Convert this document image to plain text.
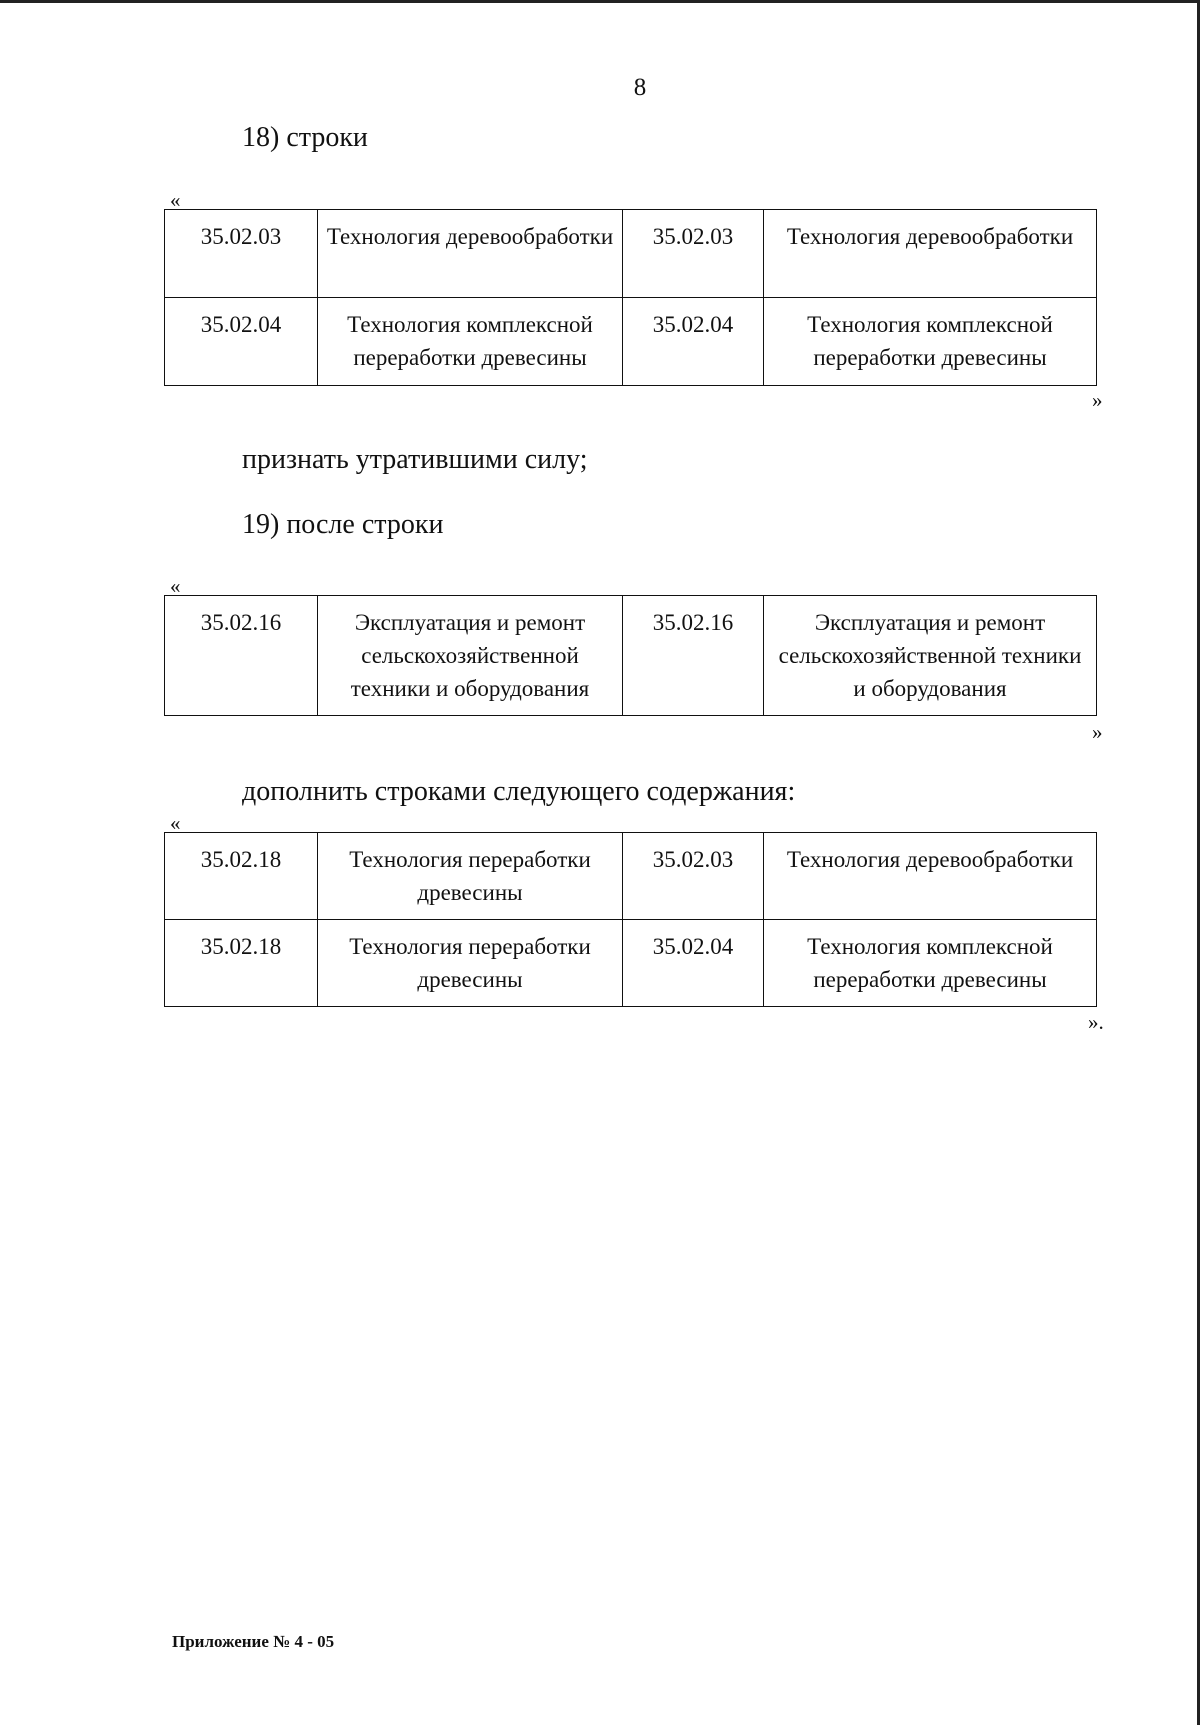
8
18) строки
«
35.02.03	Технология деревообработки	35.02.03	Технология деревообработки
35.02.04	Технология комплексной переработки древесины	35.02.04	Технология комплексной переработки древесины
»
признать утратившими силу;
19) после строки
«
35.02.16	Эксплуатация и ремонт сельскохозяйственной техники и оборудования	35.02.16	Эксплуатация и ремонт сельскохозяйственной техники и оборудования
»
дополнить строками следующего содержания:
«
35.02.18	Технология переработки древесины	35.02.03	Технология деревообработки
35.02.18	Технология переработки древесины	35.02.04	Технология комплексной переработки древесины
».
Приложение № 4 - 05
